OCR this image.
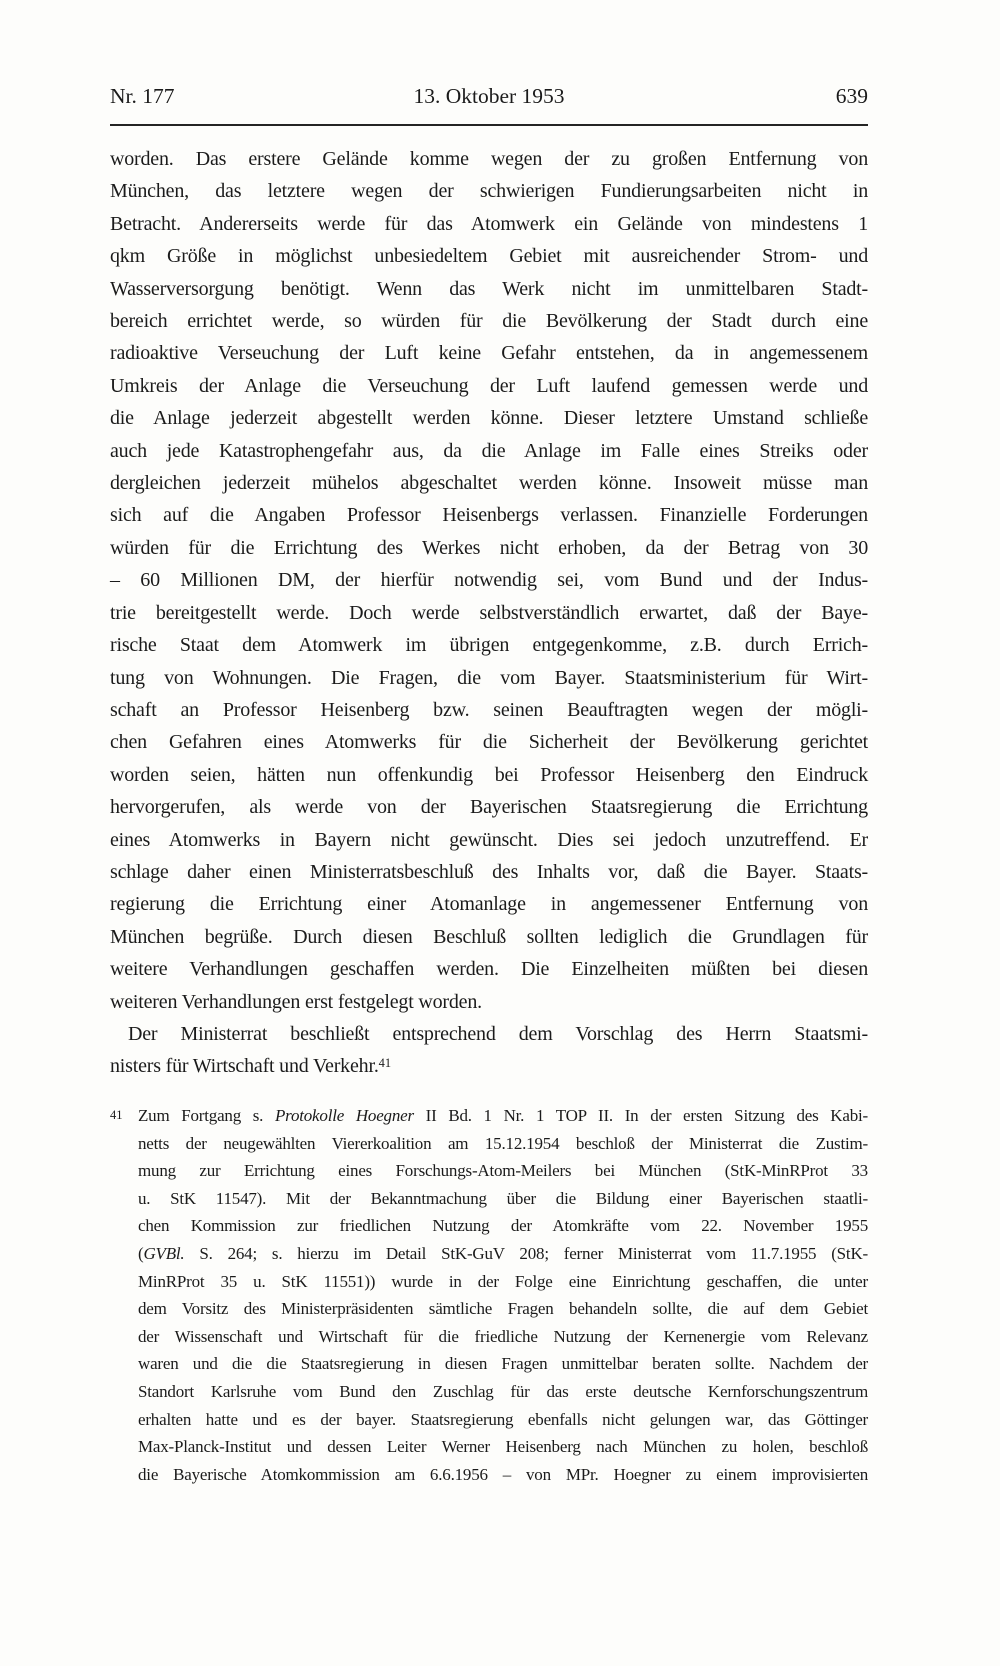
Nr. 177	13. Oktober 1953	639
worden. Das erstere Gelände komme wegen der zu großen Entfernung von
München, das letztere wegen der schwierigen Fundierungsarbeiten nicht in
Betracht. Andererseits werde für das Atomwerk ein Gelände von mindestens 1
qkm Größe in möglichst unbesiedeltem Gebiet mit ausreichender Strom- und
Wasserversorgung benötigt. Wenn das Werk nicht im unmittelbaren Stadt-
bereich errichtet werde, so würden für die Bevölkerung der Stadt durch eine
radioaktive Verseuchung der Luft keine Gefahr entstehen, da in angemessenem
Umkreis der Anlage die Verseuchung der Luft laufend gemessen werde und
die Anlage jederzeit abgestellt werden könne. Dieser letztere Umstand schließe
auch jede Katastrophengefahr aus, da die Anlage im Falle eines Streiks oder
dergleichen jederzeit mühelos abgeschaltet werden könne. Insoweit müsse man
sich auf die Angaben Professor Heisenbergs verlassen. Finanzielle Forderungen
würden für die Errichtung des Werkes nicht erhoben, da der Betrag von 30
– 60 Millionen DM, der hierfür notwendig sei, vom Bund und der Indus-
trie bereitgestellt werde. Doch werde selbstverständlich erwartet, daß der Baye-
rische Staat dem Atomwerk im übrigen entgegenkomme, z.B. durch Errich-
tung von Wohnungen. Die Fragen, die vom Bayer. Staatsministerium für Wirt-
schaft an Professor Heisenberg bzw. seinen Beauftragten wegen der mögli-
chen Gefahren eines Atomwerks für die Sicherheit der Bevölkerung gerichtet
worden seien, hätten nun offenkundig bei Professor Heisenberg den Eindruck
hervorgerufen, als werde von der Bayerischen Staatsregierung die Errichtung
eines Atomwerks in Bayern nicht gewünscht. Dies sei jedoch unzutreffend. Er
schlage daher einen Ministerratsbeschluß des Inhalts vor, daß die Bayer. Staats-
regierung die Errichtung einer Atomanlage in angemessener Entfernung von
München begrüße. Durch diesen Beschluß sollten lediglich die Grundlagen für
weitere Verhandlungen geschaffen werden. Die Einzelheiten müßten bei diesen
weiteren Verhandlungen erst festgelegt worden.
Der Ministerrat beschließt entsprechend dem Vorschlag des Herrn Staatsmi-
nisters für Wirtschaft und Verkehr.$^{41}$
41 Zum Fortgang s. Protokolle Hoegner II Bd. 1 Nr. 1 TOP II. In der ersten Sitzung des Kabi-
netts der neugewählten Viererkoalition am 15.12.1954 beschloß der Ministerrat die Zustim-
mung zur Errichtung eines Forschungs-Atom-Meilers bei München (StK-MinRProt 33
u. StK 11547). Mit der Bekanntmachung über die Bildung einer Bayerischen staatli-
chen Kommission zur friedlichen Nutzung der Atomkräfte vom 22. November 1955
(GVBl. S. 264; s. hierzu im Detail StK-GuV 208; ferner Ministerrat vom 11.7.1955 (StK-
MinRProt 35 u. StK 11551)) wurde in der Folge eine Einrichtung geschaffen, die unter
dem Vorsitz des Ministerpräsidenten sämtliche Fragen behandeln sollte, die auf dem Gebiet
der Wissenschaft und Wirtschaft für die friedliche Nutzung der Kernenergie vom Relevanz
waren und die die Staatsregierung in diesen Fragen unmittelbar beraten sollte. Nachdem der
Standort Karlsruhe vom Bund den Zuschlag für das erste deutsche Kernforschungszentrum
erhalten hatte und es der bayer. Staatsregierung ebenfalls nicht gelungen war, das Göttinger
Max-Planck-Institut und dessen Leiter Werner Heisenberg nach München zu holen, beschloß
die Bayerische Atomkommission am 6.6.1956 – von MPr. Hoegner zu einem improvisierten
